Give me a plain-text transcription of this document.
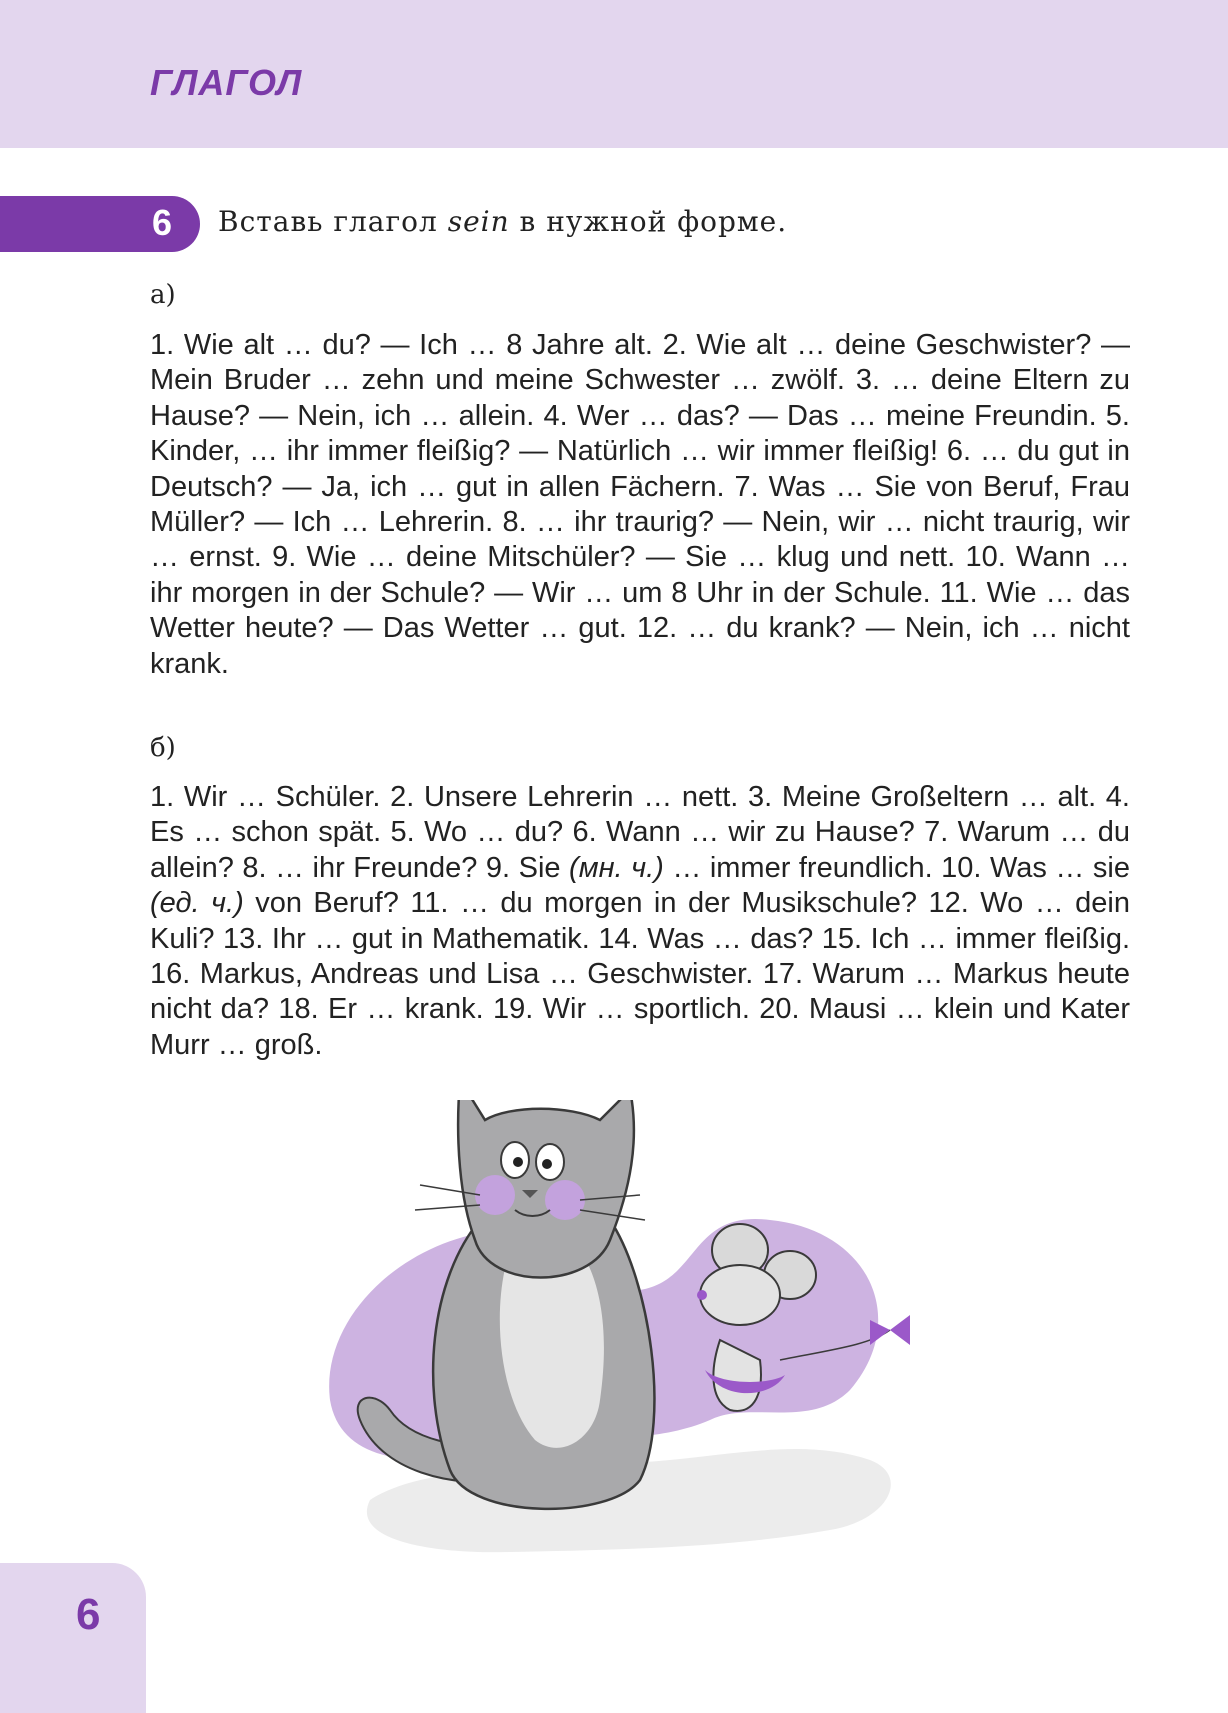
ГЛАГОЛ
6 Вставь глагол sein в нужной форме.
а)

1. Wie alt … du? — Ich … 8 Jahre alt. 2. Wie alt … deine Geschwister? — Mein Bruder … zehn und meine Schwester … zwölf. 3. … deine Eltern zu Hause? — Nein, ich … allein. 4. Wer … das? — Das … meine Freundin. 5. Kinder, … ihr immer fleißig? — Natürlich … wir immer fleißig! 6. … du gut in Deutsch? — Ja, ich … gut in allen Fächern. 7. Was … Sie von Beruf, Frau Müller? — Ich … Lehrerin. 8. … ihr traurig? — Nein, wir … nicht traurig, wir … ernst. 9. Wie … deine Mitschüler? — Sie … klug und nett. 10. Wann … ihr morgen in der Schule? — Wir … um 8 Uhr in der Schule. 11. Wie … das Wetter heute? — Das Wetter … gut. 12. … du krank? — Nein, ich … nicht krank.

б)

1. Wir … Schüler. 2. Unsere Lehrerin … nett. 3. Meine Großeltern … alt. 4. Es … schon spät. 5. Wo … du? 6. Wann … wir zu Hause? 7. Warum … du allein? 8. … ihr Freunde? 9. Sie (мн. ч.) … immer freundlich. 10. Was … sie (ед. ч.) von Beruf? 11. … du morgen in der Musikschule? 12. Wo … dein Kuli? 13. Ihr … gut in Mathematik. 14. Was … das? 15. Ich … immer fleißig. 16. Markus, Andreas und Lisa … Geschwister. 17. Warum … Markus heute nicht da? 18. Er … krank. 19. Wir … sportlich. 20. Mausi … klein und Kater Murr … groß.

6
